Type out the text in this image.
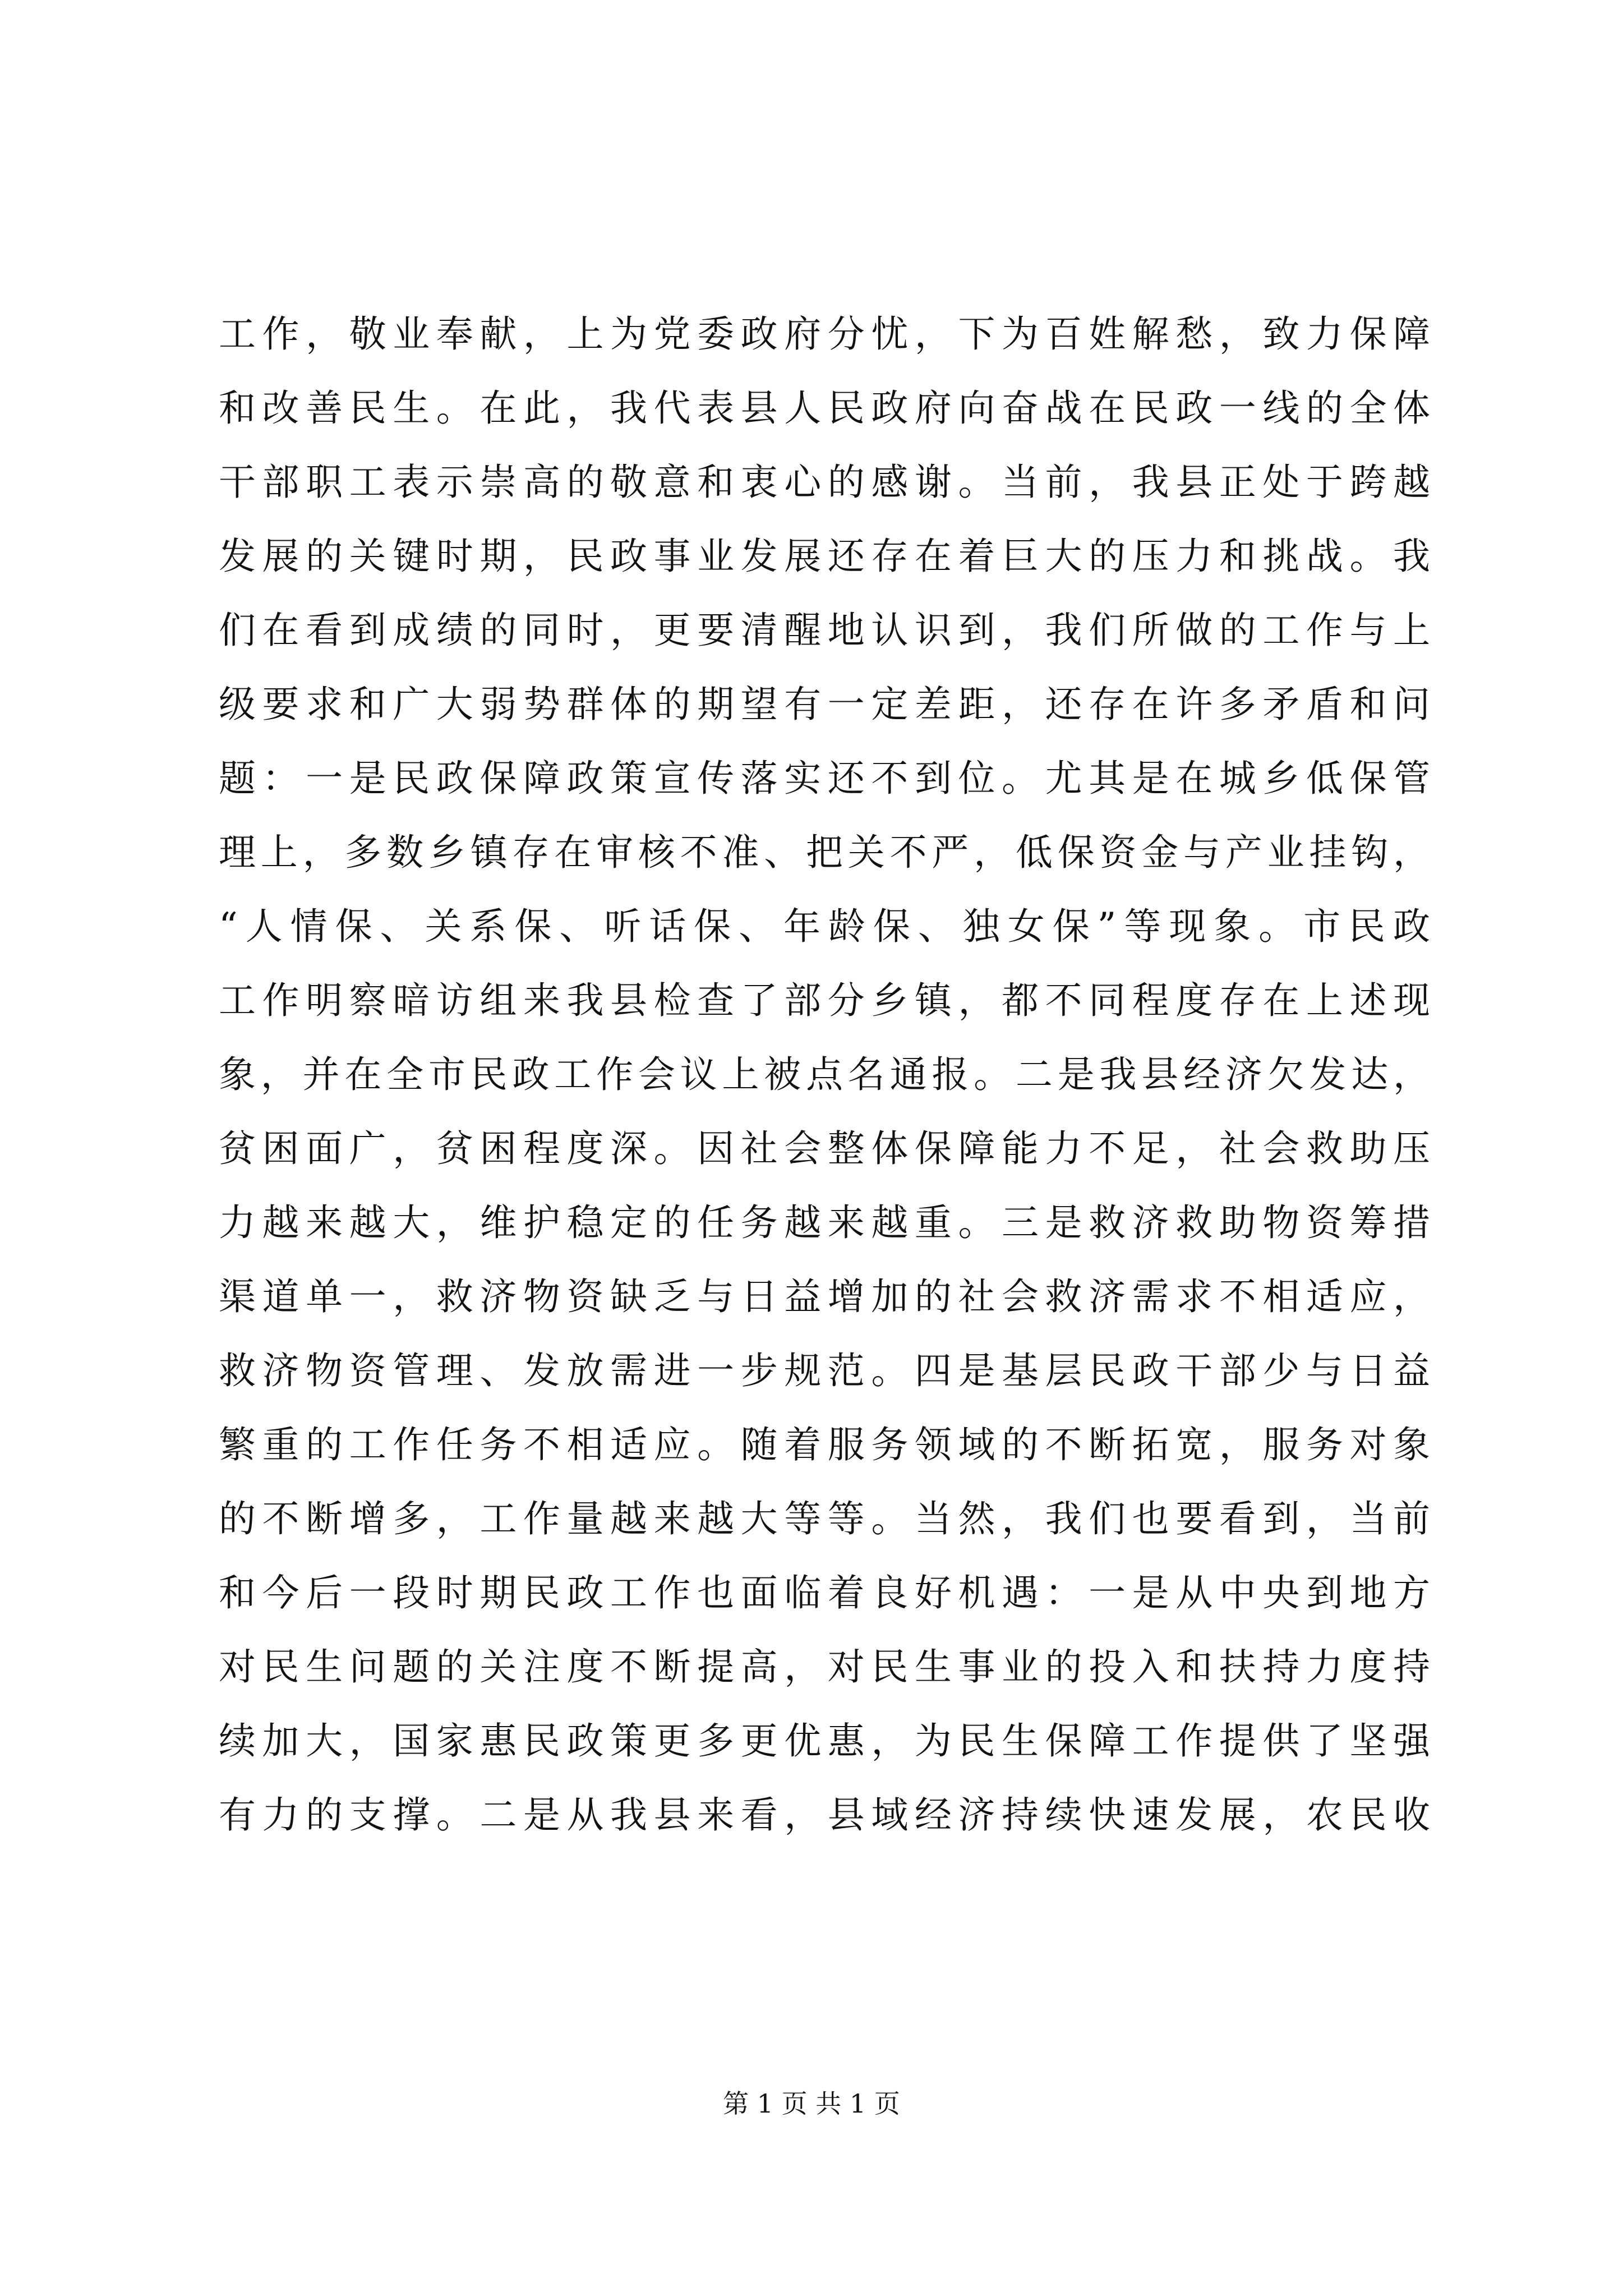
工作，敬业奉献，上为党委政府分忧，下为百姓解愁，致力保障
和改善民生。在此，我代表县人民政府向奋战在民政一线的全体
干部职工表示崇高的敬意和衷心的感谢。当前，我县正处于跨越
发展的关键时期，民政事业发展还存在着巨大的压力和挑战。我
们在看到成绩的同时，更要清醒地认识到，我们所做的工作与上
级要求和广大弱势群体的期望有一定差距，还存在许多矛盾和问
题：一是民政保障政策宣传落实还不到位。尤其是在城乡低保管
理上，多数乡镇存在审核不准、把关不严，低保资金与产业挂钩，
“人情保、关系保、听话保、年龄保、独女保”等现象。市民政
工作明察暗访组来我县检查了部分乡镇，都不同程度存在上述现
象，并在全市民政工作会议上被点名通报。二是我县经济欠发达，
贫困面广，贫困程度深。因社会整体保障能力不足，社会救助压
力越来越大，维护稳定的任务越来越重。三是救济救助物资筹措
渠道单一，救济物资缺乏与日益增加的社会救济需求不相适应，
救济物资管理、发放需进一步规范。四是基层民政干部少与日益
繁重的工作任务不相适应。随着服务领域的不断拓宽，服务对象
的不断增多，工作量越来越大等等。当然，我们也要看到，当前
和今后一段时期民政工作也面临着良好机遇：一是从中央到地方
对民生问题的关注度不断提高，对民生事业的投入和扶持力度持
续加大，国家惠民政策更多更优惠，为民生保障工作提供了坚强
有力的支撑。二是从我县来看，县域经济持续快速发展，农民收
第 1 页 共 1 页
